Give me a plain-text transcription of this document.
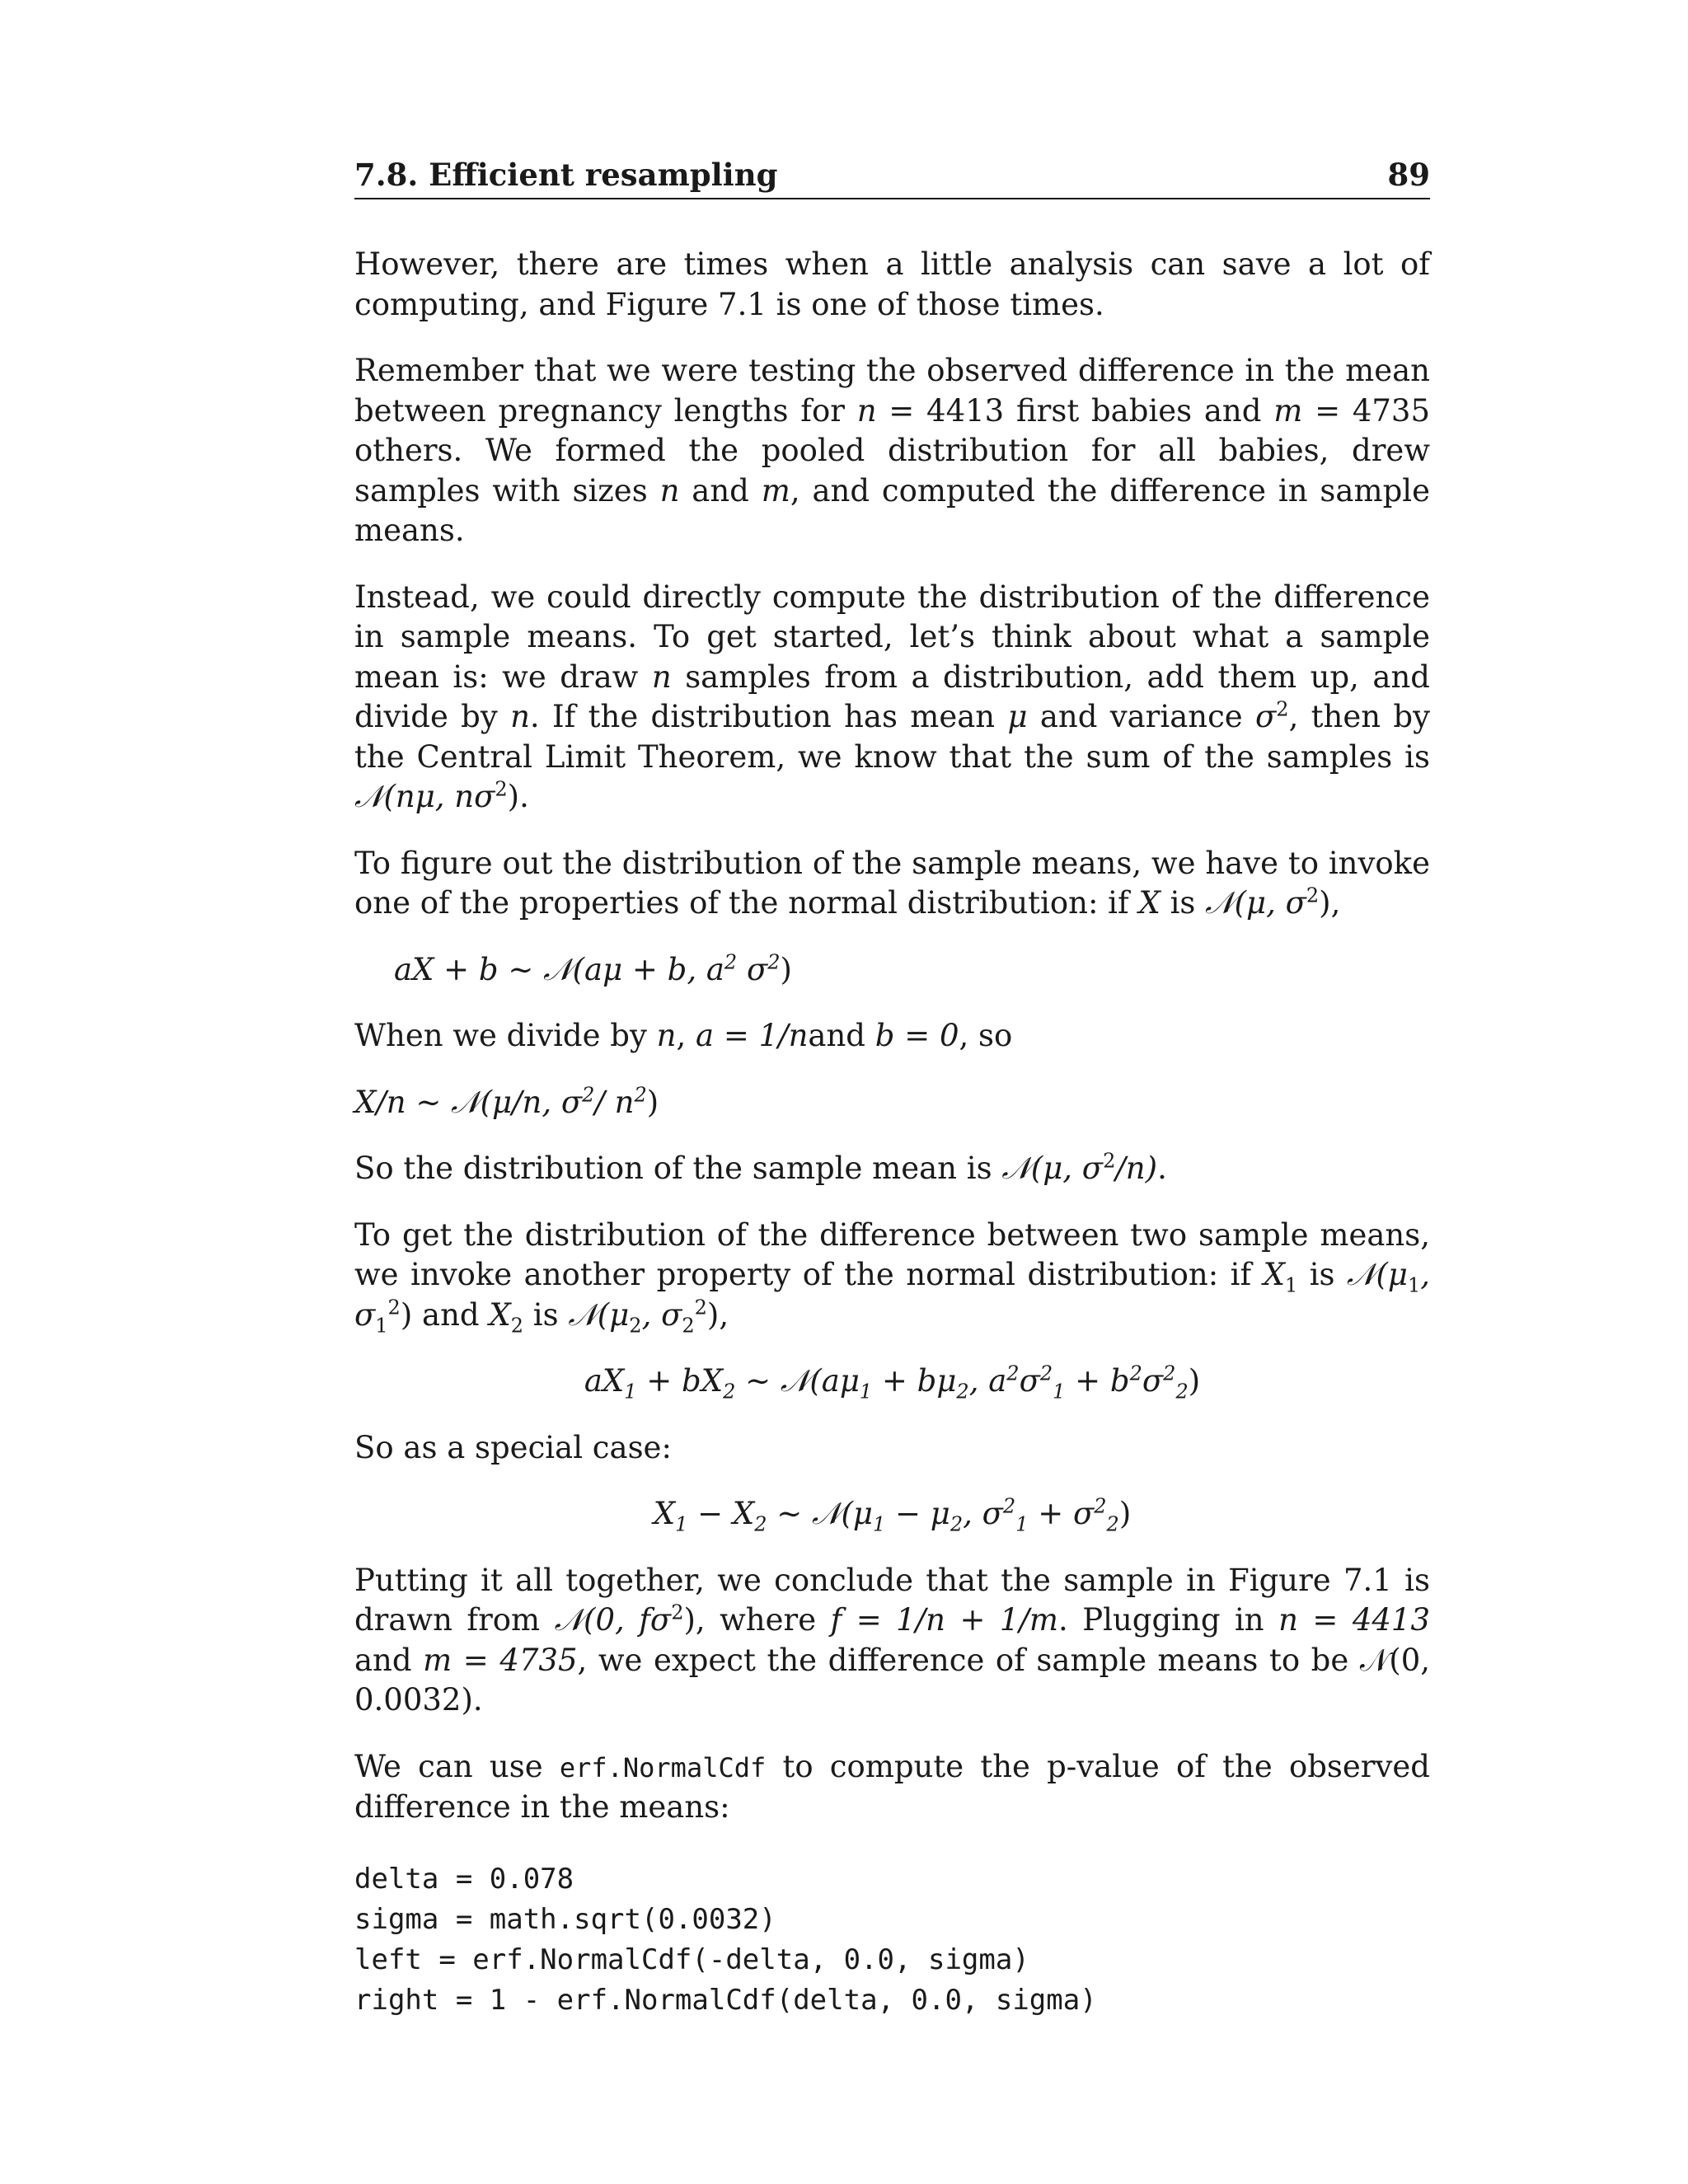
7.8. Efficient resampling	89

However, there are times when a little analysis can save a lot of computing, and Figure 7.1 is one of those times.

Remember that we were testing the observed difference in the mean between pregnancy lengths for n = 4413 first babies and m = 4735 others. We formed the pooled distribution for all babies, drew samples with sizes n and m, and computed the difference in sample means.

Instead, we could directly compute the distribution of the difference in sample means. To get started, let’s think about what a sample mean is: we draw n samples from a distribution, add them up, and divide by n. If the distribution has mean μ and variance $\sigma^2$, then by the Central Limit Theorem, we know that the sum of the samples is 𝒩(nμ, $n\sigma^2$).

To figure out the distribution of the sample means, we have to invoke one of the properties of the normal distribution: if X is 𝒩(μ, $\sigma^2$),

aX + b ∼ 𝒩(aμ + b, $a^2$ $\sigma^2$)

When we divide by n, a = 1/nand b = 0, so

X/n ∼ 𝒩(μ/n, $\sigma^2/$ $n^2$)

So the distribution of the sample mean is 𝒩(μ, $\sigma^2/n$).

To get the distribution of the difference between two sample means, we invoke another property of the normal distribution: if $X_1$ is $𝒩(\mu_1$, $\sigma_1^2$) and $X_2$ is $𝒩(\mu_2$, $\sigma_2^2$),

$aX_1 + bX_2$ ∼ $𝒩(a\mu_1 + b\mu_2$, $a^2\sigma^2_1 + b^2\sigma^2_2$)

So as a special case:

$X_1 - X_2$ ∼ $𝒩(\mu_1 - \mu_2$, $\sigma^2_1 + \sigma^2_2$)

Putting it all together, we conclude that the sample in Figure 7.1 is drawn from 𝒩(0, $f\sigma^2$), where f = 1/n + 1/m. Plugging in n = 4413 and m = 4735, we expect the difference of sample means to be 𝒩(0, 0.0032).

We can use erf.NormalCdf to compute the p-value of the observed difference in the means:

delta = 0.078
sigma = math.sqrt(0.0032)
left = erf.NormalCdf(-delta, 0.0, sigma)
right = 1 - erf.NormalCdf(delta, 0.0, sigma)
